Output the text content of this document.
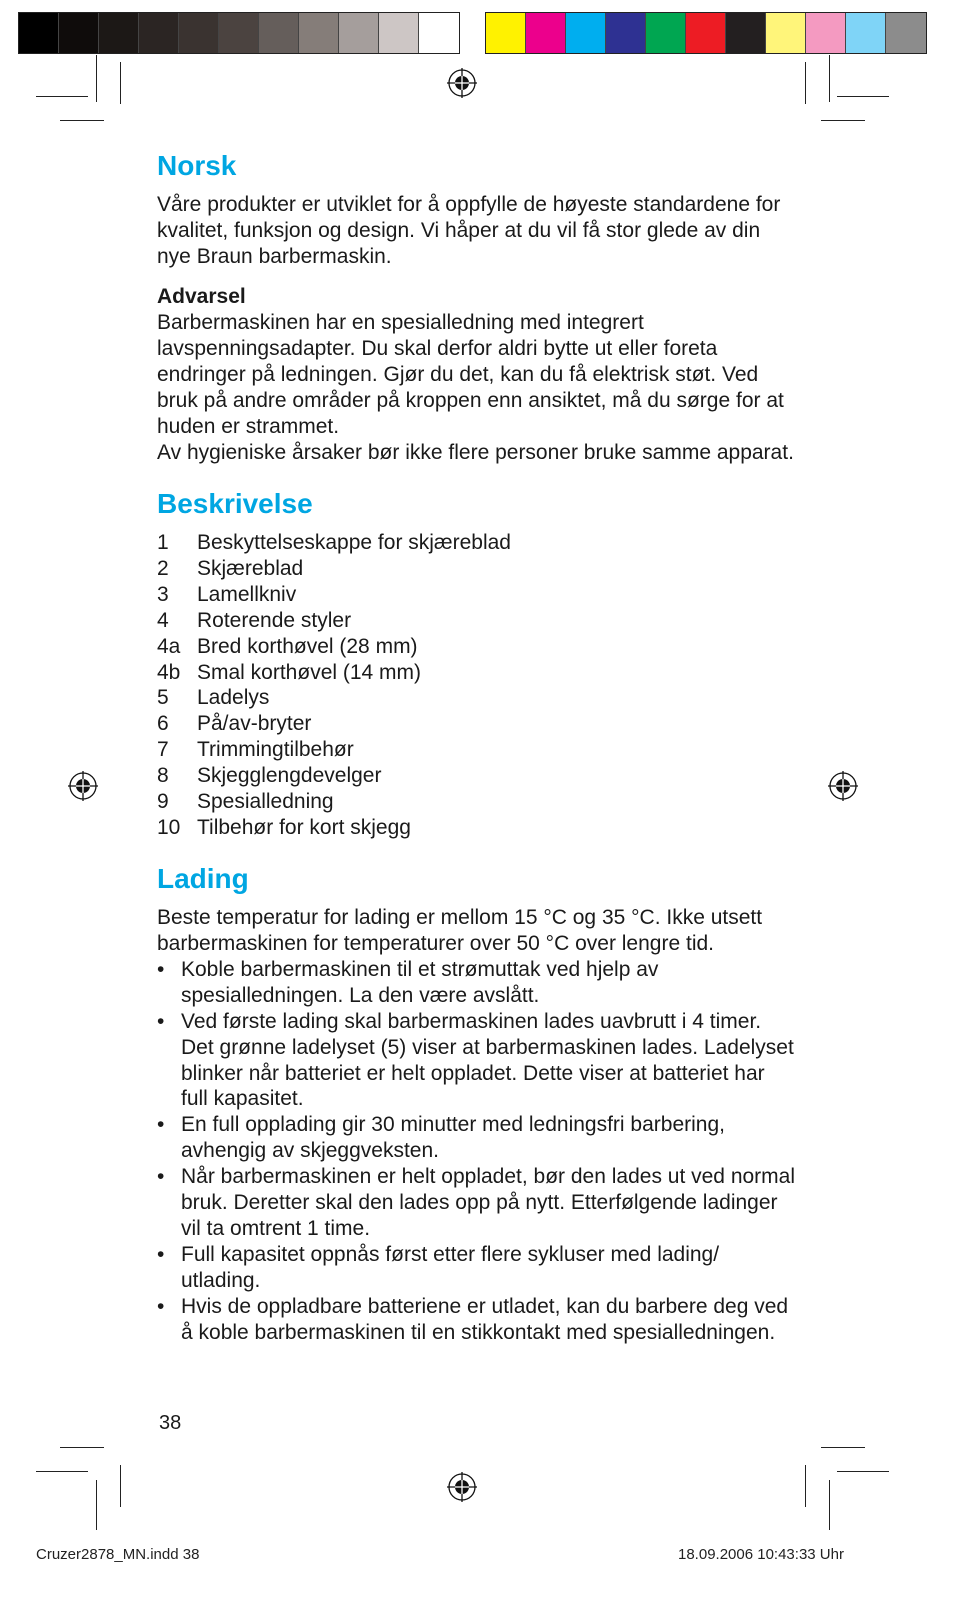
Norsk

Våre produkter er utviklet for å oppfylle de høyeste standardene for kvalitet, funksjon og design. Vi håper at du vil få stor glede av din nye Braun barbermaskin.

Advarsel

Barbermaskinen har en spesialledning med integrert lavspenningsadapter. Du skal derfor aldri bytte ut eller foreta endringer på ledningen. Gjør du det, kan du få elektrisk støt. Ved bruk på andre områder på kroppen enn ansiktet, må du sørge for at huden er strammet.

Av hygieniske årsaker bør ikke flere personer bruke samme apparat.

Beskrivelse
1	Beskyttelseskappe for skjæreblad
2	Skjæreblad
3	Lamellkniv
4	Roterende styler
4a Bred korthøvel (28 mm)
4b Smal korthøvel (14 mm)
5	Ladelys
6	På/av-bryter
7	Trimmingtilbehør
8	Skjegglengdevelger
9	Spesialledning
10 Tilbehør for kort skjegg
Lading

Beste temperatur for lading er mellom 15 °C og 35 °C. Ikke utsett barbermaskinen for temperaturer over 50 °C over lengre tid.

• Koble barbermaskinen til et strømuttak ved hjelp av spesialledningen. La den være avslått.
• Ved første lading skal barbermaskinen lades uavbrutt i 4 timer. Det grønne ladelyset (5) viser at barbermaskinen lades. Ladelyset blinker når batteriet er helt oppladet. Dette viser at batteriet har full kapasitet.
• En full opplading gir 30 minutter med ledningsfri barbering, avhengig av skjeggveksten.
• Når barbermaskinen er helt oppladet, bør den lades ut ved normal bruk. Deretter skal den lades opp på nytt. Etterfølgende ladinger vil ta omtrent 1 time.
• Full kapasitet oppnås først etter flere sykluser med lading/ utlading.
• Hvis de oppladbare batteriene er utladet, kan du barbere deg ved å koble barbermaskinen til en stikkontakt med spesialledningen.
38
Cruzer2878_MN.indd 38	18.09.2006 10:43:33 Uhr
